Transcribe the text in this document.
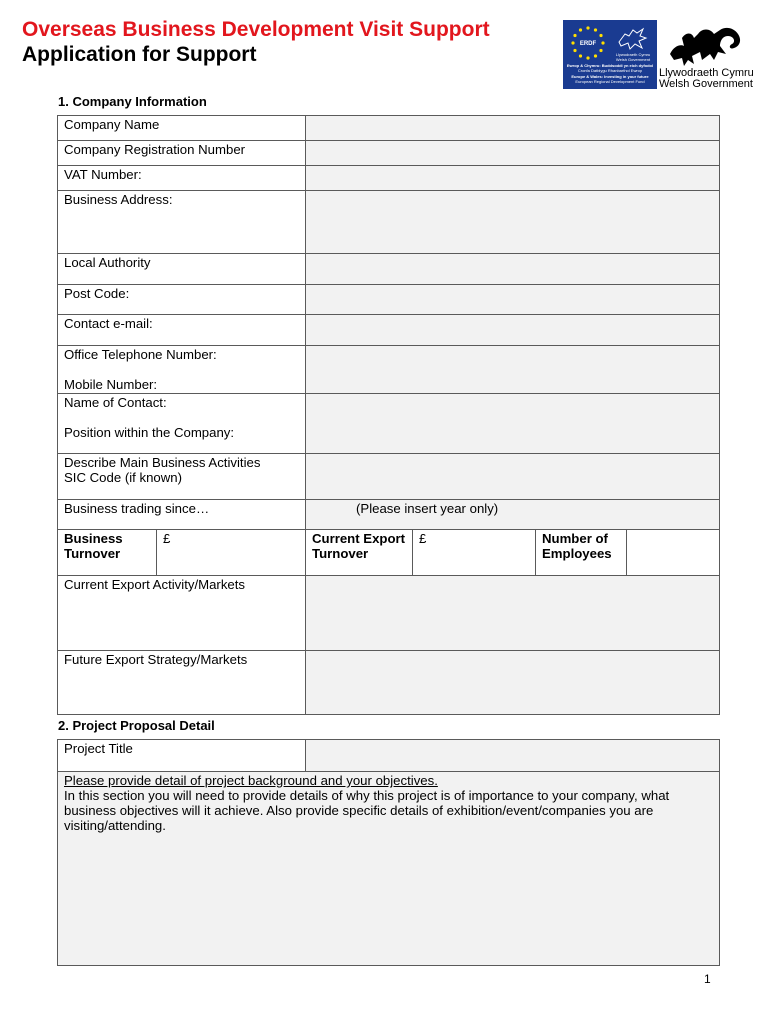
Overseas Business Development Visit Support
Application for Support	ERDF
Llywodraeth Cymru
Welsh Government
Ewrop & Chymru: Buddsoddi yn eich dyfodol
Cronfa Datblygu Rhanbarthol Ewrop
Europe & Wales: Investing in your future
European Regional Development Fund
Llywodraeth Cymru
Welsh Government
1. Company Information
Company Name					
Company Registration Number					
VAT Number:					
Business Address:					
Local Authority					
Post Code:					
Contact e-mail:					
Office Telephone Number:
Mobile Number:					
Name of Contact:
Position within the Company:					
Describe Main Business Activities
SIC Code (if known)					
Business trading since…		(Please insert year only)			
Business Turnover	£	Current Export Turnover	£	Number of Employees	
Current Export Activity/Markets					
Future Export Strategy/Markets					
2. Project Proposal Detail
Project Title	
Please provide detail of project background and your objectives.
In this section you will need to provide details of why this project is of importance to your company, what business objectives will it achieve. Also provide specific details of exhibition/event/companies you are visiting/attending.
1
